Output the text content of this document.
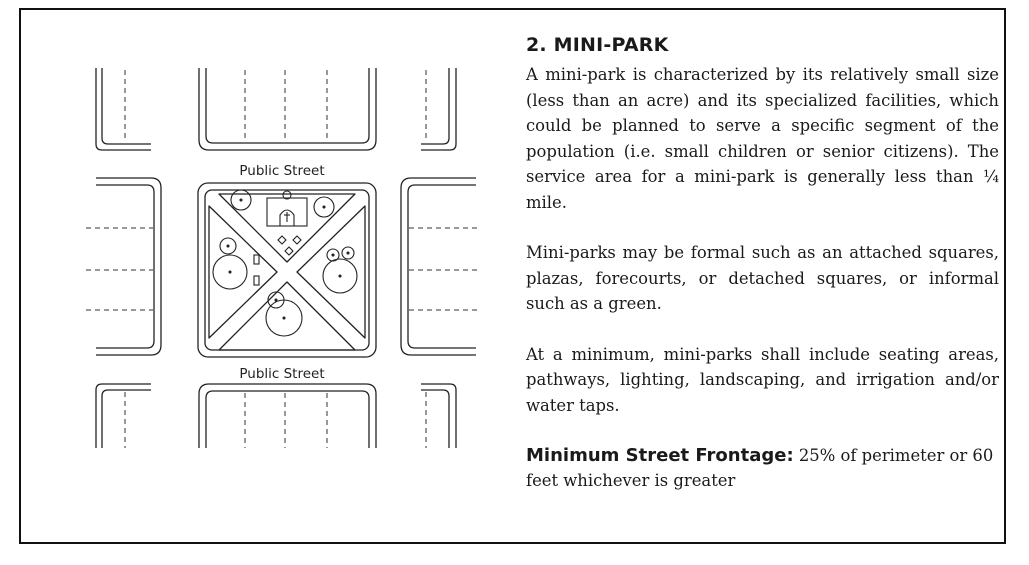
Public Street
Public Street
2. MINI-PARK

A mini-park is characterized by its relatively small size (less than an acre) and its specialized facilities, which could be planned to serve a specific segment of the population (i.e. small children or senior citizens). The service area for a mini-park is generally less than ¼ mile.

Mini-parks may be formal such as an attached squares, plazas, forecourts, or detached squares, or informal such as a green.

At a minimum, mini-parks shall include seating areas, pathways, lighting, landscaping, and irrigation and/or water taps.

Minimum Street Frontage: 25% of perimeter or 60 feet whichever is greater
